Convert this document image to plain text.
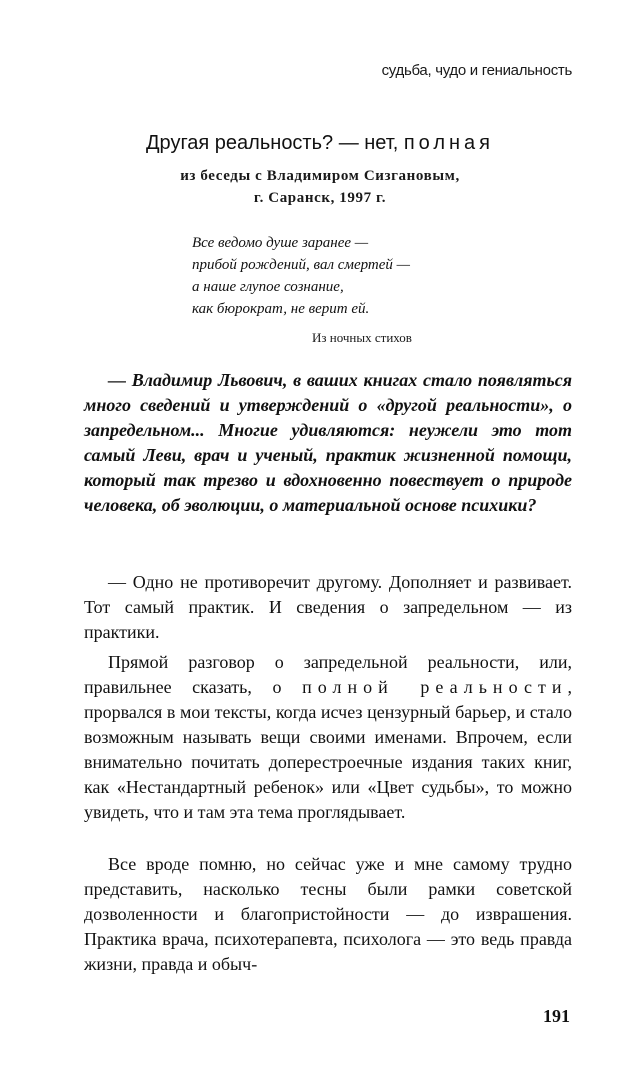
судьба, чудо и гениальность
Другая реальность? — нет, полная
из беседы с Владимиром Сизгановым,
г. Саранск, 1997 г.
Все ведомо душе заранее —
прибой рождений, вал смертей —
а наше глупое сознание,
как бюрократ, не верит ей.
Из ночных стихов

— Владимир Львович, в ваших книгах стало появляться много сведений и утверждений о «другой реальности», о запредельном... Многие удивляются: неужели это тот самый Леви, врач и ученый, практик жизненной помощи, который так трезво и вдохновенно повествует о природе человека, об эволюции, о материальной основе психики?

— Одно не противоречит другому. Дополняет и развивает. Тот самый практик. И сведения о запредельном — из практики.

Прямой разговор о запредельной реальности, или, правильнее сказать, о полной реальности, прорвался в мои тексты, когда исчез цензурный барьер, и стало возможным называть вещи своими именами. Впрочем, если внимательно почитать доперестроечные издания таких книг, как «Нестандартный ребенок» или «Цвет судьбы», то можно увидеть, что и там эта тема проглядывает.

Все вроде помню, но сейчас уже и мне самому трудно представить, насколько тесны были рамки советской дозволенности и благопристойности — до изврашения. Практика врача, психотерапевта, психолога — это ведь правда жизни, правда и обыч-

191
